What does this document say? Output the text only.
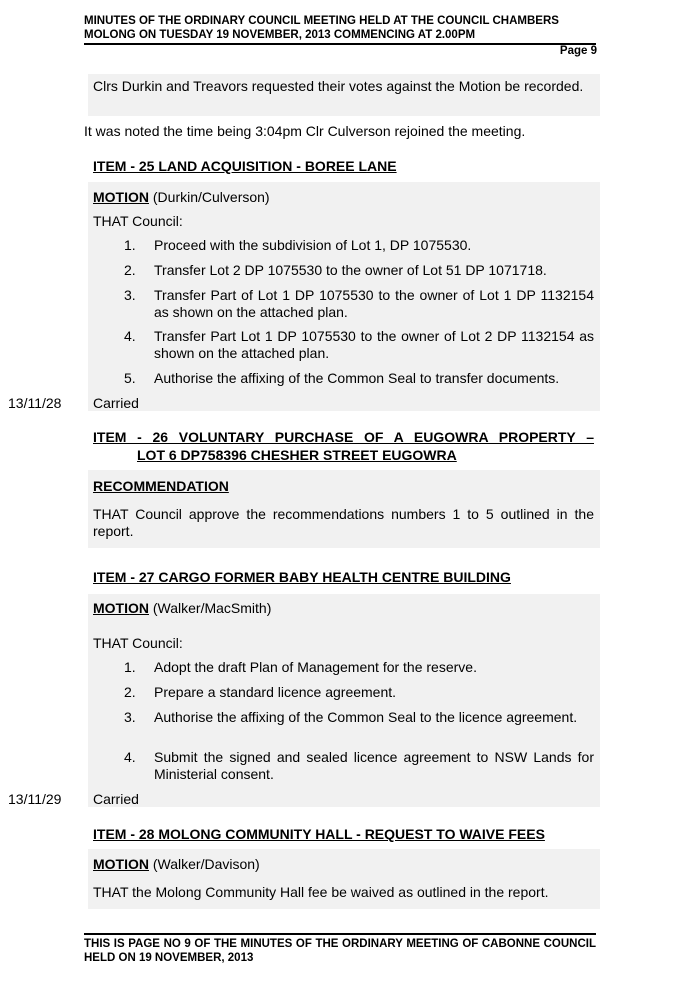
MINUTES OF THE ORDINARY COUNCIL MEETING HELD AT THE COUNCIL CHAMBERS
MOLONG ON TUESDAY 19 NOVEMBER, 2013 COMMENCING AT 2.00PM
Page 9
Clrs Durkin and Treavors requested their votes against the Motion be recorded.
It was noted the time being 3:04pm Clr Culverson rejoined the meeting.
ITEM - 25 LAND ACQUISITION - BOREE LANE
MOTION (Durkin/Culverson)
THAT Council:
1.	Proceed with the subdivision of Lot 1, DP 1075530.
2.	Transfer Lot 2 DP 1075530 to the owner of Lot 51 DP 1071718.
3.	Transfer Part of Lot 1 DP 1075530 to the owner of Lot 1 DP 1132154 as shown on the attached plan.
4.	Transfer Part Lot 1 DP 1075530 to the owner of Lot 2 DP 1132154 as shown on the attached plan.
5.	Authorise the affixing of the Common Seal to transfer documents.
13/11/28 Carried
ITEM - 26 VOLUNTARY PURCHASE OF A EUGOWRA PROPERTY –
LOT 6 DP758396 CHESHER STREET EUGOWRA
RECOMMENDATION
THAT Council approve the recommendations numbers 1 to 5 outlined in the report.
ITEM - 27 CARGO FORMER BABY HEALTH CENTRE BUILDING
MOTION (Walker/MacSmith)
THAT Council:
1.	Adopt the draft Plan of Management for the reserve.
2.	Prepare a standard licence agreement.
3.	Authorise the affixing of the Common Seal to the licence agreement.
4.	Submit the signed and sealed licence agreement to NSW Lands for Ministerial consent.
13/11/29 Carried
ITEM - 28 MOLONG COMMUNITY HALL - REQUEST TO WAIVE FEES
MOTION (Walker/Davison)
THAT the Molong Community Hall fee be waived as outlined in the report.
THIS IS PAGE NO 9 OF THE MINUTES OF THE ORDINARY MEETING OF CABONNE COUNCIL HELD ON 19 NOVEMBER, 2013
